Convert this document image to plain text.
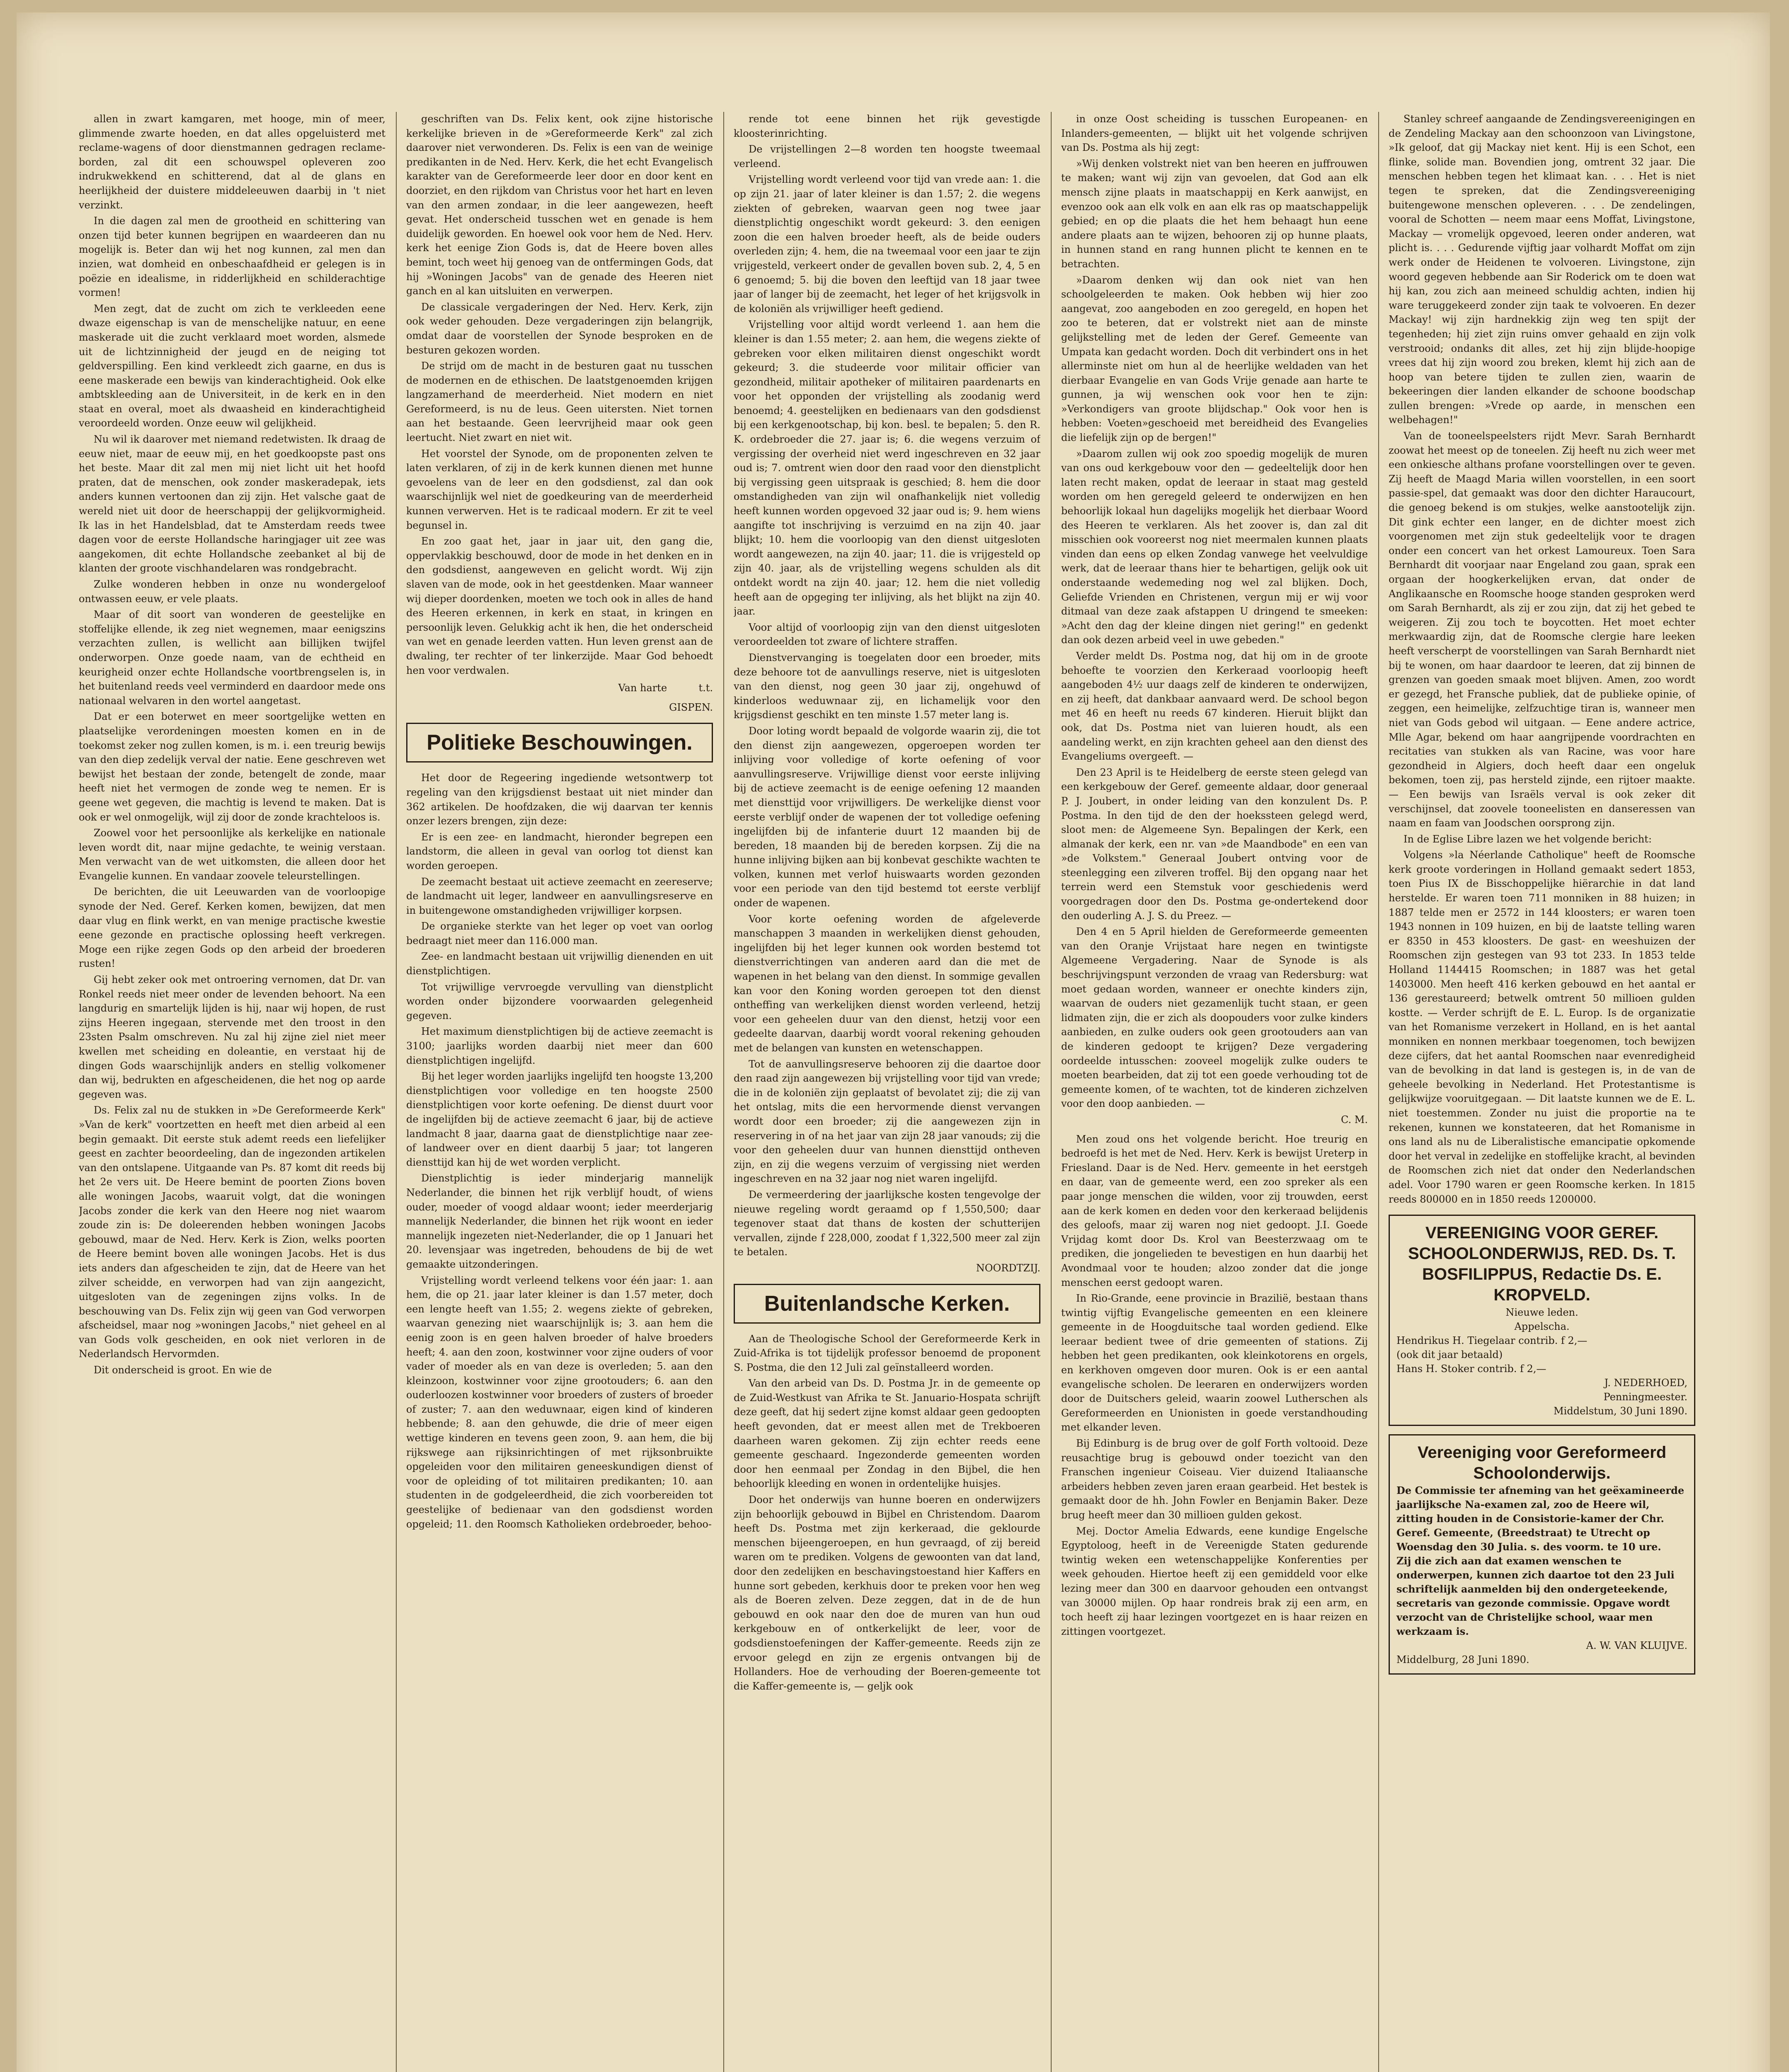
allen in zwart kamgaren, met hooge, min of meer, glimmende zwarte hoeden, en dat alles opgeluisterd met reclame-wagens of door dienstmannen gedragen reclame-borden, zal dit een schouwspel opleveren zoo indrukwekkend en schitterend, dat al de glans en heerlijkheid der duistere middeleeuwen daarbij in 't niet verzinkt.

In die dagen zal men de grootheid en schittering van onzen tijd beter kunnen begrijpen en waardeeren dan nu mogelijk is. Beter dan wij het nog kunnen, zal men dan inzien, wat domheid en onbeschaafdheid er gelegen is in poëzie en idealisme, in ridderlijkheid en schilderachtige vormen!

Men zegt, dat de zucht om zich te verkleeden eene dwaze eigenschap is van de menschelijke natuur, en eene maskerade uit die zucht verklaard moet worden, alsmede uit de lichtzinnigheid der jeugd en de neiging tot geldverspilling. Een kind verkleedt zich gaarne, en dus is eene maskerade een bewijs van kinderachtigheid. Ook elke ambtskleeding aan de Universiteit, in de kerk en in den staat en overal, moet als dwaasheid en kinderachtigheid veroordeeld worden. Onze eeuw wil gelijkheid.

Nu wil ik daarover met niemand redetwisten. Ik draag de eeuw niet, maar de eeuw mij, en het goedkoopste past ons het beste. Maar dit zal men mij niet licht uit het hoofd praten, dat de menschen, ook zonder maskeradepak, iets anders kunnen vertoonen dan zij zijn. Het valsche gaat de wereld niet uit door de heerschappij der gelijkvormigheid. Ik las in het Handelsblad, dat te Amsterdam reeds twee dagen voor de eerste Hollandsche haringjager uit zee was aangekomen, dit echte Hollandsche zeebanket al bij de klanten der groote vischhandelaren was rondgebracht.

Zulke wonderen hebben in onze nu wondergeloof ontwassen eeuw, er vele plaats.

Maar of dit soort van wonderen de geestelijke en stoffelijke ellende, ik zeg niet wegnemen, maar eenigszins verzachten zullen, is wellicht aan billijken twijfel onderworpen. Onze goede naam, van de echtheid en keurigheid onzer echte Hollandsche voortbrengselen is, in het buitenland reeds veel verminderd en daardoor mede ons nationaal welvaren in den wortel aangetast.

Dat er een boterwet en meer soortgelijke wetten en plaatselijke verordeningen moesten komen en in de toekomst zeker nog zullen komen, is m. i. een treurig bewijs van den diep zedelijk verval der natie. Eene geschreven wet bewijst het bestaan der zonde, betengelt de zonde, maar heeft niet het vermogen de zonde weg te nemen. Er is geene wet gegeven, die machtig is levend te maken. Dat is ook er wel onmogelijk, wijl zij door de zonde krachteloos is.

Zoowel voor het persoonlijke als kerkelijke en nationale leven wordt dit, naar mijne gedachte, te weinig verstaan. Men verwacht van de wet uitkomsten, die alleen door het Evangelie kunnen. En vandaar zoovele teleurstellingen.

De berichten, die uit Leeuwarden van de voorloopige synode der Ned. Geref. Kerken komen, bewijzen, dat men daar vlug en flink werkt, en van menige practische kwestie eene gezonde en practische oplossing heeft verkregen. Moge een rijke zegen Gods op den arbeid der broederen rusten!

Gij hebt zeker ook met ontroering vernomen, dat Dr. van Ronkel reeds niet meer onder de levenden behoort. Na een langdurig en smartelijk lijden is hij, naar wij hopen, de rust zijns Heeren ingegaan, stervende met den troost in den 23sten Psalm omschreven. Nu zal hij zijne ziel niet meer kwellen met scheiding en doleantie, en verstaat hij de dingen Gods waarschijnlijk anders en stellig volkomener dan wij, bedrukten en afgescheidenen, die het nog op aarde gegeven was.

Ds. Felix zal nu de stukken in »De Gereformeerde Kerk" »Van de kerk" voortzetten en heeft met dien arbeid al een begin gemaakt. Dit eerste stuk ademt reeds een liefelijker geest en zachter beoordeeling, dan de ingezonden artikelen van den ontslapene. Uitgaande van Ps. 87 komt dit reeds bij het 2e vers uit. De Heere bemint de poorten Zions boven alle woningen Jacobs, waaruit volgt, dat die woningen Jacobs zonder die kerk van den Heere nog niet waarom zoude zin is: De doleerenden hebben woningen Jacobs gebouwd, maar de Ned. Herv. Kerk is Zion, welks poorten de Heere bemint boven alle woningen Jacobs. Het is dus iets anders dan afgescheiden te zijn, dat de Heere van het zilver scheidde, en verworpen had van zijn aangezicht, uitgesloten van de zegeningen zijns volks. In de beschouwing van Ds. Felix zijn wij geen van God verworpen afscheidsel, maar nog »woningen Jacobs," niet geheel en al van Gods volk gescheiden, en ook niet verloren in de Nederlandsch Hervormden.

Dit onderscheid is groot. En wie de

geschriften van Ds. Felix kent, ook zijne historische kerkelijke brieven in de »Gereformeerde Kerk" zal zich daarover niet verwonderen. Ds. Felix is een van de weinige predikanten in de Ned. Herv. Kerk, die het echt Evangelisch karakter van de Gereformeerde leer door en door kent en doorziet, en den rijkdom van Christus voor het hart en leven van den armen zondaar, in die leer aangewezen, heeft gevat. Het onderscheid tusschen wet en genade is hem duidelijk geworden. En hoewel ook voor hem de Ned. Herv. kerk het eenige Zion Gods is, dat de Heere boven alles bemint, toch weet hij genoeg van de ontfermingen Gods, dat hij »Woningen Jacobs" van de genade des Heeren niet ganch en al kan uitsluiten en verwerpen.

De classicale vergaderingen der Ned. Herv. Kerk, zijn ook weder gehouden. Deze vergaderingen zijn belangrijk, omdat daar de voorstellen der Synode besproken en de besturen gekozen worden.

De strijd om de macht in de besturen gaat nu tusschen de modernen en de ethischen. De laatstgenoemden krijgen langzamerhand de meerderheid. Niet modern en niet Gereformeerd, is nu de leus. Geen uitersten. Niet tornen aan het bestaande. Geen leervrijheid maar ook geen leertucht. Niet zwart en niet wit.

Het voorstel der Synode, om de proponenten zelven te laten verklaren, of zij in de kerk kunnen dienen met hunne gevoelens van de leer en den godsdienst, zal dan ook waarschijnlijk wel niet de goedkeuring van de meerderheid kunnen verwerven. Het is te radicaal modern. Er zit te veel begunsel in.

En zoo gaat het, jaar in jaar uit, den gang die, oppervlakkig beschouwd, door de mode in het denken en in den godsdienst, aangeweven en gelicht wordt. Wij zijn slaven van de mode, ook in het geestdenken. Maar wanneer wij dieper doordenken, moeten we toch ook in alles de hand des Heeren erkennen, in kerk en staat, in kringen en persoonlijk leven. Gelukkig acht ik hen, die het onderscheid van wet en genade leerden vatten. Hun leven grenst aan de dwaling, ter rechter of ter linkerzijde. Maar God behoedt hen voor verdwalen.

Van harte	t.t.
GISPEN.
Politieke Beschouwingen.

Het door de Regeering ingediende wetsontwerp tot regeling van den krijgsdienst bestaat uit niet minder dan 362 artikelen. De hoofdzaken, die wij daarvan ter kennis onzer lezers brengen, zijn deze:

Er is een zee- en landmacht, hieronder begrepen een landstorm, die alleen in geval van oorlog tot dienst kan worden geroepen.

De zeemacht bestaat uit actieve zeemacht en zeereserve; de landmacht uit leger, landweer en aanvullingsreserve en in buitengewone omstandigheden vrijwilliger korpsen.

De organieke sterkte van het leger op voet van oorlog bedraagt niet meer dan 116.000 man.

Zee- en landmacht bestaan uit vrijwillig dienenden en uit dienstplichtigen.

Tot vrijwillige vervroegde vervulling van dienstplicht worden onder bijzondere voorwaarden gelegenheid gegeven.

Het maximum dienstplichtigen bij de actieve zeemacht is 3100; jaarlijks worden daarbij niet meer dan 600 dienstplichtigen ingelijfd.

Bij het leger worden jaarlijks ingelijfd ten hoogste 13,200 dienstplichtigen voor volledige en ten hoogste 2500 dienstplichtigen voor korte oefening. De dienst duurt voor de ingelijfden bij de actieve zeemacht 6 jaar, bij de actieve landmacht 8 jaar, daarna gaat de dienstplichtige naar zee- of landweer over en dient daarbij 5 jaar; tot langeren diensttijd kan hij de wet worden verplicht.

Dienstplichtig is ieder minderjarig mannelijk Nederlander, die binnen het rijk verblijf houdt, of wiens ouder, moeder of voogd aldaar woont; ieder meerderjarig mannelijk Nederlander, die binnen het rijk woont en ieder mannelijk ingezeten niet-Nederlander, die op 1 Januari het 20. levensjaar was ingetreden, behoudens de bij de wet gemaakte uitzonderingen.

Vrijstelling wordt verleend telkens voor één jaar: 1. aan hem, die op 21. jaar later kleiner is dan 1.57 meter, doch een lengte heeft van 1.55; 2. wegens ziekte of gebreken, waarvan genezing niet waarschijnlijk is; 3. aan hem die eenig zoon is en geen halven broeder of halve broeders heeft; 4. aan den zoon, kostwinner voor zijne ouders of voor vader of moeder als en van deze is overleden; 5. aan den kleinzoon, kostwinner voor zijne grootouders; 6. aan den ouderloozen kostwinner voor broeders of zusters of broeder of zuster; 7. aan den weduwnaar, eigen kind of kinderen hebbende; 8. aan den gehuwde, die drie of meer eigen wettige kinderen en tevens geen zoon, 9. aan hem, die bij rijkswege aan rijksinrichtingen of met rijksonbruikte opgeleiden voor den militairen geneeskundigen dienst of voor de opleiding of tot militairen predikanten; 10. aan studenten in de godgeleerdheid, die zich voorbereiden tot geestelijke of bedienaar van den godsdienst worden opgeleid; 11. den Roomsch Katholieken ordebroeder, behoo-

rende tot eene binnen het rijk gevestigde kloosterinrichting.

De vrijstellingen 2—8 worden ten hoogste tweemaal verleend.

Vrijstelling wordt verleend voor tijd van vrede aan: 1. die op zijn 21. jaar of later kleiner is dan 1.57; 2. die wegens ziekten of gebreken, waarvan geen nog twee jaar dienstplichtig ongeschikt wordt gekeurd: 3. den eenigen zoon die een halven broeder heeft, als de beide ouders overleden zijn; 4. hem, die na tweemaal voor een jaar te zijn vrijgesteld, verkeert onder de gevallen boven sub. 2, 4, 5 en 6 genoemd; 5. bij die boven den leeftijd van 18 jaar twee jaar of langer bij de zeemacht, het leger of het krijgsvolk in de koloniën als vrijwilliger heeft gediend.

Vrijstelling voor altijd wordt verleend 1. aan hem die kleiner is dan 1.55 meter; 2. aan hem, die wegens ziekte of gebreken voor elken militairen dienst ongeschikt wordt gekeurd; 3. die studeerde voor militair officier van gezondheid, militair apotheker of militairen paardenarts en voor het opponden der vrijstelling als zoodanig werd benoemd; 4. geestelijken en bedienaars van den godsdienst bij een kerkgenootschap, bij kon. besl. te bepalen; 5. den R. K. ordebroeder die 27. jaar is; 6. die wegens verzuim of vergissing der overheid niet werd ingeschreven en 32 jaar oud is; 7. omtrent wien door den raad voor den dienstplicht bij vergissing geen uitspraak is geschied; 8. hem die door omstandigheden van zijn wil onafhankelijk niet volledig heeft kunnen worden opgevoed 32 jaar oud is; 9. hem wiens aangifte tot inschrijving is verzuimd en na zijn 40. jaar blijkt; 10. hem die voorloopig van den dienst uitgesloten wordt aangewezen, na zijn 40. jaar; 11. die is vrijgesteld op zijn 40. jaar, als de vrijstelling wegens schulden als dit ontdekt wordt na zijn 40. jaar; 12. hem die niet volledig heeft aan de opgeging ter inlijving, als het blijkt na zijn 40. jaar.

Voor altijd of voorloopig zijn van den dienst uitgesloten veroordeelden tot zware of lichtere straffen.

Dienstvervanging is toegelaten door een broeder, mits deze behoore tot de aanvullings reserve, niet is uitgesloten van den dienst, nog geen 30 jaar zij, ongehuwd of kinderloos weduwnaar zij, en lichamelijk voor den krijgsdienst geschikt en ten minste 1.57 meter lang is.

Door loting wordt bepaald de volgorde waarin zij, die tot den dienst zijn aangewezen, opgeroepen worden ter inlijving voor volledige of korte oefening of voor aanvullingsreserve. Vrijwillige dienst voor eerste inlijving bij de actieve zeemacht is de eenige oefening 12 maanden met diensttijd voor vrijwilligers. De werkelijke dienst voor eerste verblijf onder de wapenen der tot volledige oefening ingelijfden bij de infanterie duurt 12 maanden bij de bereden, 18 maanden bij de bereden korpsen. Zij die na hunne inlijving bijken aan bij konbevat geschikte wachten te volken, kunnen met verlof huiswaarts worden gezonden voor een periode van den tijd bestemd tot eerste verblijf onder de wapenen.

Voor korte oefening worden de afgeleverde manschappen 3 maanden in werkelijken dienst gehouden, ingelijfden bij het leger kunnen ook worden bestemd tot dienstverrichtingen van anderen aard dan die met de wapenen in het belang van den dienst. In sommige gevallen kan voor den Koning worden geroepen tot den dienst ontheffing van werkelijken dienst worden verleend, hetzij voor een geheelen duur van den dienst, hetzij voor een gedeelte daarvan, daarbij wordt vooral rekening gehouden met de belangen van kunsten en wetenschappen.

Tot de aanvullingsreserve behooren zij die daartoe door den raad zijn aangewezen bij vrijstelling voor tijd van vrede; die in de koloniën zijn geplaatst of bevolatet zij; die zij van het ontslag, mits die een hervormende dienst vervangen wordt door een broeder; zij die aangewezen zijn in reservering in of na het jaar van zijn 28 jaar vanouds; zij die voor den geheelen duur van hunnen diensttijd ontheven zijn, en zij die wegens verzuim of vergissing niet werden ingeschreven en na 32 jaar nog niet waren ingelijfd.

De vermeerdering der jaarlijksche kosten tengevolge der nieuwe regeling wordt geraamd op f 1,550,500; daar tegenover staat dat thans de kosten der schutterijen vervallen, zijnde f 228,000, zoodat f 1,322,500 meer zal zijn te betalen.

NOORDTZIJ.
Buitenlandsche Kerken.

Aan de Theologische School der Gereformeerde Kerk in Zuid-Afrika is tot tijdelijk professor benoemd de proponent S. Postma, die den 12 Juli zal geïnstalleerd worden.

Van den arbeid van Ds. D. Postma Jr. in de gemeente op de Zuid-Westkust van Afrika te St. Januario-Hospata schrijft deze geeft, dat hij sedert zijne komst aldaar geen gedoopten heeft gevonden, dat er meest allen met de Trekboeren daarheen waren gekomen. Zij zijn echter reeds eene gemeente geschaard. Ingezonderde gemeenten worden door hen eenmaal per Zondag in den Bijbel, die hen behoorlijk kleeding en wonen in ordentelijke huisjes.

Door het onderwijs van hunne boeren en onderwijzers zijn behoorlijk gebouwd in Bijbel en Christendom. Daarom heeft Ds. Postma met zijn kerkeraad, die geklourde menschen bijeengeroepen, en hun gevraagd, of zij bereid waren om te prediken. Volgens de gewoonten van dat land, door den zedelijken en beschavingstoestand hier Kaffers en hunne sort gebeden, kerkhuis door te preken voor hen weg als de Boeren zelven. Deze zeggen, dat in de de hun gebouwd en ook naar den doe de muren van hun oud kerkgebouw en of ontkerkelijkt de leer, voor de godsdienstoefeningen der Kaffer-gemeente. Reeds zijn ze ervoor gelegd en zijn ze ergenis ontvangen bij de Hollanders. Hoe de verhouding der Boeren-gemeente tot die Kaffer-gemeente is, — geljk ook

in onze Oost scheiding is tusschen Europeanen- en Inlanders-gemeenten, — blijkt uit het volgende schrijven van Ds. Postma als hij zegt:

»Wij denken volstrekt niet van ben heeren en juffrouwen te maken; want wij zijn van gevoelen, dat God aan elk mensch zijne plaats in maatschappij en Kerk aanwijst, en evenzoo ook aan elk volk en aan elk ras op maatschappelijk gebied; en op die plaats die het hem behaagt hun eene andere plaats aan te wijzen, behooren zij op hunne plaats, in hunnen stand en rang hunnen plicht te kennen en te betrachten.

»Daarom denken wij dan ook niet van hen schoolgeleerden te maken. Ook hebben wij hier zoo aangevat, zoo aangeboden en zoo geregeld, en hopen het zoo te beteren, dat er volstrekt niet aan de minste gelijkstelling met de leden der Geref. Gemeente van Umpata kan gedacht worden. Doch dit verbindert ons in het allerminste niet om hun al de heerlijke weldaden van het dierbaar Evangelie en van Gods Vrije genade aan harte te gunnen, ja wij wenschen ook voor hen te zijn: »Verkondigers van groote blijdschap." Ook voor hen is hebben: Voeten»geschoeid met bereidheid des Evangelies die liefelijk zijn op de bergen!"

»Daarom zullen wij ook zoo spoedig mogelijk de muren van ons oud kerkgebouw voor den — gedeeltelijk door hen laten recht maken, opdat de leeraar in staat mag gesteld worden om hen geregeld geleerd te onderwijzen en hen behoorlijk lokaal hun dagelijks mogelijk het dierbaar Woord des Heeren te verklaren. Als het zoover is, dan zal dit misschien ook vooreerst nog niet meermalen kunnen plaats vinden dan eens op elken Zondag vanwege het veelvuldige werk, dat de leeraar thans hier te behartigen, gelijk ook uit onderstaande wedemeding nog wel zal blijken. Doch, Geliefde Vrienden en Christenen, vergun mij er wij voor ditmaal van deze zaak afstappen U dringend te smeeken: »Acht den dag der kleine dingen niet gering!" en gedenkt dan ook dezen arbeid veel in uwe gebeden."

Verder meldt Ds. Postma nog, dat hij om in de groote behoefte te voorzien den Kerkeraad voorloopig heeft aangeboden 4½ uur daags zelf de kinderen te onderwijzen, en zij heeft, dat dankbaar aanvaard werd. De school begon met 46 en heeft nu reeds 67 kinderen. Hieruit blijkt dan ook, dat Ds. Postma niet van luieren houdt, als een aandeling werkt, en zijn krachten geheel aan den dienst des Evangeliums overgeeft. —

Den 23 April is te Heidelberg de eerste steen gelegd van een kerkgebouw der Geref. gemeente aldaar, door generaal P. J. Joubert, in onder leiding van den konzulent Ds. P. Postma. In den tijd de den der hoekssteen gelegd werd, sloot men: de Algemeene Syn. Bepalingen der Kerk, een almanak der kerk, een nr. van »de Maandbode" en een van »de Volkstem." Generaal Joubert ontving voor de steenlegging een zilveren troffel. Bij den opgang naar het terrein werd een Stemstuk voor geschiedenis werd voorgedragen door den Ds. Postma ge-ondertekend door den ouderling A. J. S. du Preez. —

Den 4 en 5 April hielden de Gereformeerde gemeenten van den Oranje Vrijstaat hare negen en twintigste Algemeene Vergadering. Naar de Synode is als beschrijvingspunt verzonden de vraag van Redersburg: wat moet gedaan worden, wanneer er onechte kinders zijn, waarvan de ouders niet gezamenlijk tucht staan, er geen lidmaten zijn, die er zich als doopouders voor zulke kinders aanbieden, en zulke ouders ook geen grootouders aan van de kinderen gedoopt te krijgen? Deze vergadering oordeelde intusschen: zooveel mogelijk zulke ouders te moeten bearbeiden, dat zij tot een goede verhouding tot de gemeente komen, of te wachten, tot de kinderen zichzelven voor den doop aanbieden. —

C. M.

Men zoud ons het volgende bericht. Hoe treurig en bedroefd is het met de Ned. Herv. Kerk is bewijst Ureterp in Friesland. Daar is de Ned. Herv. gemeente in het eerstgeh en daar, van de gemeente werd, een zoo spreker als een paar jonge menschen die wilden, voor zij trouwden, eerst aan de kerk komen en deden voor den kerkeraad belijdenis des geloofs, maar zij waren nog niet gedoopt. J.I. Goede Vrijdag komt door Ds. Krol van Beesterzwaag om te prediken, die jongelieden te bevestigen en hun daarbij het Avondmaal voor te houden; alzoo zonder dat die jonge menschen eerst gedoopt waren.

In Rio-Grande, eene provincie in Brazilië, bestaan thans twintig vijftig Evangelische gemeenten en een kleinere gemeente in de Hoogduitsche taal worden gediend. Elke leeraar bedient twee of drie gemeenten of stations. Zij hebben het geen predikanten, ook kleinkotorens en orgels, en kerkhoven omgeven door muren. Ook is er een aantal evangelische scholen. De leeraren en onderwijzers worden door de Duitschers geleid, waarin zoowel Lutherschen als Gereformeerden en Unionisten in goede verstandhouding met elkander leven.

Bij Edinburg is de brug over de golf Forth voltooid. Deze reusachtige brug is gebouwd onder toezicht van den Franschen ingenieur Coiseau. Vier duizend Italiaansche arbeiders hebben zeven jaren eraan gearbeid. Het bestek is gemaakt door de hh. John Fowler en Benjamin Baker. Deze brug heeft meer dan 30 millioen gulden gekost.

Mej. Doctor Amelia Edwards, eene kundige Engelsche Egyptoloog, heeft in de Vereenigde Staten gedurende twintig weken een wetenschappelijke Konferenties per week gehouden. Hiertoe heeft zij een gemiddeld voor elke lezing meer dan 300 en daarvoor gehouden een ontvangst van 30000 mijlen. Op haar rondreis brak zij een arm, en toch heeft zij haar lezingen voortgezet en is haar reizen en zittingen voortgezet.

Stanley schreef aangaande de Zendingsvereenigingen en de Zendeling Mackay aan den schoonzoon van Livingstone, »Ik geloof, dat gij Mackay niet kent. Hij is een Schot, een flinke, solide man. Bovendien jong, omtrent 32 jaar. Die menschen hebben tegen het klimaat kan. . . . Het is niet tegen te spreken, dat die Zendingsvereeniging buitengewone menschen opleveren. . . . De zendelingen, vooral de Schotten — neem maar eens Moffat, Livingstone, Mackay — vromelijk opgevoed, leeren onder anderen, wat plicht is. . . . Gedurende vijftig jaar volhardt Moffat om zijn werk onder de Heidenen te volvoeren. Livingstone, zijn woord gegeven hebbende aan Sir Roderick om te doen wat hij kan, zou zich aan meineed schuldig achten, indien hij ware teruggekeerd zonder zijn taak te volvoeren. En dezer Mackay! wij zijn hardnekkig zijn weg ten spijt der tegenheden; hij ziet zijn ruins omver gehaald en zijn volk verstrooid; ondanks dit alles, zet hij zijn blijde-hoopige vrees dat hij zijn woord zou breken, klemt hij zich aan de hoop van betere tijden te zullen zien, waarin de bekeeringen dier landen elkander de schoone boodschap zullen brengen: »Vrede op aarde, in menschen een welbehagen!"

Van de tooneelspeelsters rijdt Mevr. Sarah Bernhardt zoowat het meest op de toneelen. Zij heeft nu zich weer met een onkiesche althans profane voorstellingen over te geven. Zij heeft de Maagd Maria willen voorstellen, in een soort passie-spel, dat gemaakt was door den dichter Haraucourt, die genoeg bekend is om stukjes, welke aanstootelijk zijn. Dit gink echter een langer, en de dichter moest zich voorgenomen met zijn stuk gedeeltelijk voor te dragen onder een concert van het orkest Lamoureux. Toen Sara Bernhardt dit voorjaar naar Engeland zou gaan, sprak een orgaan der hoogkerkelijken ervan, dat onder de Anglikaansche en Roomsche hooge standen gesproken werd om Sarah Bernhardt, als zij er zou zijn, dat zij het gebed te weigeren. Zij zou toch te boycotten. Het moet echter merkwaardig zijn, dat de Roomsche clergie hare leeken heeft verscherpt de voorstellingen van Sarah Bernhardt niet bij te wonen, om haar daardoor te leeren, dat zij binnen de grenzen van goeden smaak moet blijven. Amen, zoo wordt er gezegd, het Fransche publiek, dat de publieke opinie, of zeggen, een heimelijke, zelfzuchtige tiran is, wanneer men niet van Gods gebod wil uitgaan. — Eene andere actrice, Mlle Agar, bekend om haar aangrijpende voordrachten en recitaties van stukken als van Racine, was voor hare gezondheid in Algiers, doch heeft daar een ongeluk bekomen, toen zij, pas hersteld zijnde, een rijtoer maakte. — Een bewijs van Israëls verval is ook zeker dit verschijnsel, dat zoovele tooneelisten en danseressen van naam en faam van Joodschen oorsprong zijn.

In de Eglise Libre lazen we het volgende bericht:

Volgens »la Néerlande Catholique" heeft de Roomsche kerk groote vorderingen in Holland gemaakt sedert 1853, toen Pius IX de Bisschoppelijke hiërarchie in dat land herstelde. Er waren toen 711 monniken in 88 huizen; in 1887 telde men er 2572 in 144 kloosters; er waren toen 1943 nonnen in 109 huizen, en bij de laatste telling waren er 8350 in 453 kloosters. De gast- en weeshuizen der Roomschen zijn gestegen van 93 tot 233. In 1853 telde Holland 1144415 Roomschen; in 1887 was het getal 1403000. Men heeft 416 kerken gebouwd en het aantal er 136 gerestaureerd; betwelk omtrent 50 millioen gulden kostte. — Verder schrijft de E. L. Europ. Is de organizatie van het Romanisme verzekert in Holland, en is het aantal monniken en nonnen merkbaar toegenomen, toch bewijzen deze cijfers, dat het aantal Roomschen naar evenredigheid van de bevolking in dat land is gestegen is, in de van de geheele bevolking in Nederland. Het Protestantisme is gelijkwijze vooruitgegaan. — Dit laatste kunnen we de E. L. niet toestemmen. Zonder nu juist die proportie na te rekenen, kunnen we konstateeren, dat het Romanisme in ons land als nu de Liberalistische emancipatie opkomende door het verval in zedelijke en stoffelijke kracht, al bevinden de Roomschen zich niet dat onder den Nederlandschen adel. Voor 1790 waren er geen Roomsche kerken. In 1815 reeds 800000 en in 1850 reeds 1200000.

VEREENIGING VOOR GEREF. SCHOOLONDERWIJS, RED. Ds. T. BOSFILIPPUS, Redactie Ds. E. KROPVELD.
Nieuwe leden.
Appelscha.
Hendrikus H. Tiegelaar contrib. f 2,—
(ook dit jaar betaald)
Hans H. Stoker contrib. f 2,—
J. NEDERHOED,
Penningmeester.
Middelstum, 30 Juni 1890.
Vereeniging voor Gereformeerd Schoolonderwijs.
De Commissie ter afneming van het geëxamineerde jaarlijksche Na-examen zal, zoo de Heere wil, zitting houden in de Consistorie-kamer der Chr. Geref. Gemeente, (Breedstraat) te Utrecht op Woensdag den 30 Julia. s. des voorm. te 10 ure.
Zij die zich aan dat examen wenschen te onderwerpen, kunnen zich daartoe tot den 23 Juli schriftelijk aanmelden bij den ondergeteekende, secretaris van gezonde commissie. Opgave wordt verzocht van de Christelijke school, waar men werkzaam is.
A. W. VAN KLUIJVE.
Middelburg, 28 Juni 1890.
